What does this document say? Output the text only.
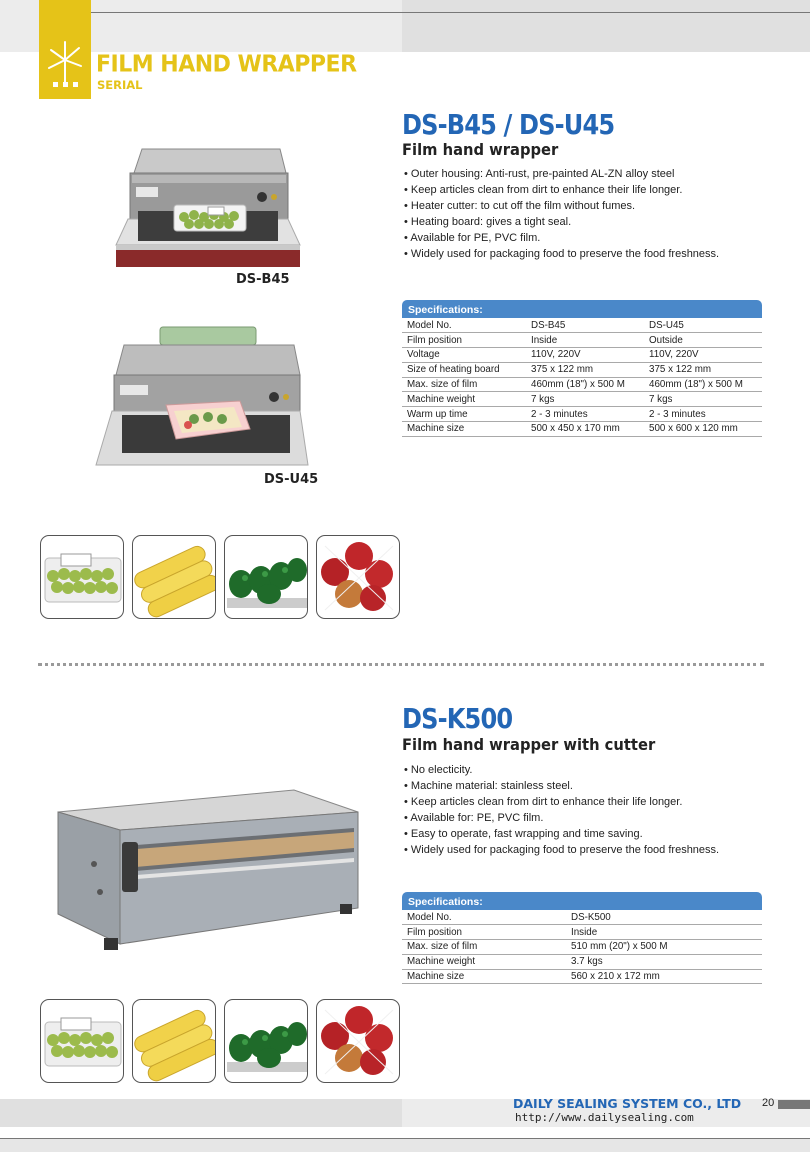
FILM HAND WRAPPER
SERIAL
DS-B45 / DS-U45
Film hand wrapper
• Outer housing: Anti-rust, pre-painted AL-ZN alloy steel
• Keep articles clean from dirt to enhance their life longer.
• Heater cutter: to cut off the film without fumes.
• Heating board: gives a tight seal.
• Available for PE, PVC film.
• Widely used for packaging food to preserve the food freshness.
DS-B45
DS-U45
Specifications:
Model No.	DS-B45	DS-U45
Film position	Inside	Outside
Voltage	110V, 220V	110V, 220V
Size of heating board	375 x 122 mm	375 x 122 mm
Max. size of film	460mm (18") x 500 M	460mm (18") x 500 M
Machine weight	7 kgs	7 kgs
Warm up time	2 - 3 minutes	2 - 3 minutes
Machine size	500 x 450 x 170 mm	500 x 600 x 120 mm
DS-K500
Film hand wrapper with cutter
• No electicity.
• Machine material: stainless steel.
• Keep articles clean from dirt to enhance their life longer.
• Available for: PE, PVC film.
• Easy to operate, fast wrapping and time saving.
• Widely used for packaging food to preserve the food freshness.
Specifications:
Model No.	DS-K500
Film position	Inside
Max. size of film	510 mm (20") x 500 M
Machine weight	3.7 kgs
Machine size	560 x 210 x 172 mm
DAILY SEALING SYSTEM CO., LTD
http://www.dailysealing.com
20
